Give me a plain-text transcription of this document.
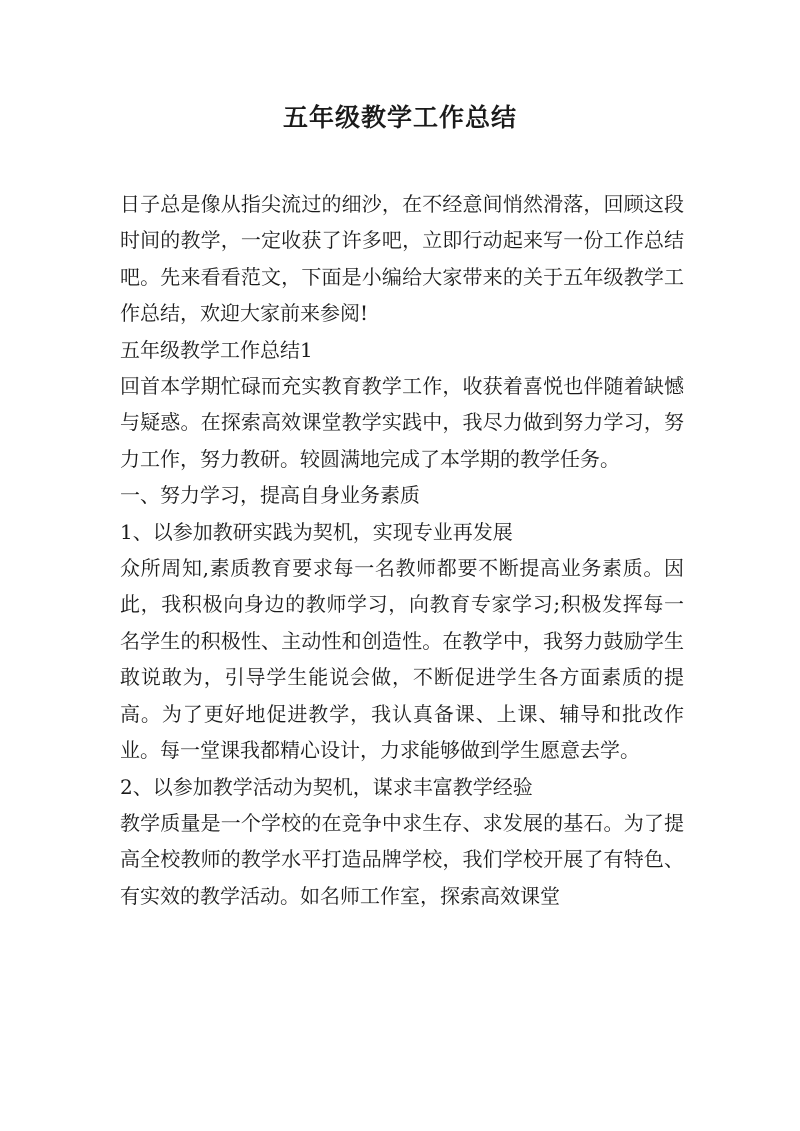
五年级教学工作总结

日子总是像从指尖流过的细沙，在不经意间悄然滑落，回顾这段时间的教学，一定收获了许多吧，立即行动起来写一份工作总结吧。先来看看范文，下面是小编给大家带来的关于五年级教学工作总结，欢迎大家前来参阅!

五年级教学工作总结1

回首本学期忙碌而充实教育教学工作，收获着喜悦也伴随着缺憾与疑惑。在探索高效课堂教学实践中，我尽力做到努力学习，努力工作，努力教研。较圆满地完成了本学期的教学任务。

一、努力学习，提高自身业务素质

1、以参加教研实践为契机，实现专业再发展

众所周知,素质教育要求每一名教师都要不断提高业务素质。因此，我积极向身边的教师学习，向教育专家学习;积极发挥每一名学生的积极性、主动性和创造性。在教学中，我努力鼓励学生敢说敢为，引导学生能说会做，不断促进学生各方面素质的提高。为了更好地促进教学，我认真备课、上课、辅导和批改作业。每一堂课我都精心设计，力求能够做到学生愿意去学。

2、以参加教学活动为契机，谋求丰富教学经验

教学质量是一个学校的在竞争中求生存、求发展的基石。为了提高全校教师的教学水平打造品牌学校，我们学校开展了有特色、有实效的教学活动。如名师工作室，探索高效课堂
